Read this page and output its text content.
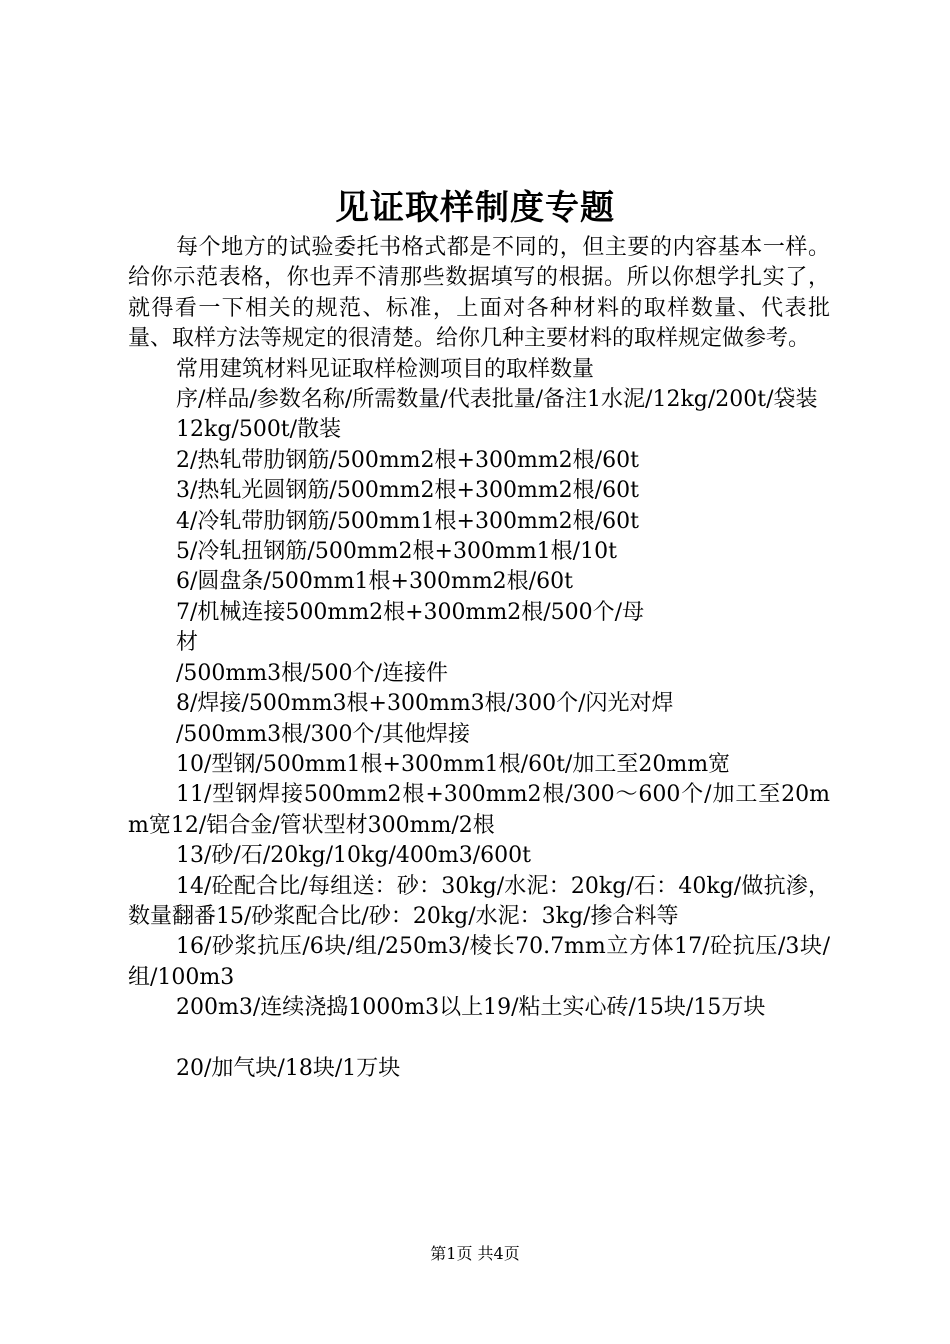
见证取样制度专题

每个地方的试验委托书格式都是不同的，但主要的内容基本一样。给你示范表格，你也弄不清那些数据填写的根据。所以你想学扎实了，就得看一下相关的规范、标准，上面对各种材料的取样数量、代表批量、取样方法等规定的很清楚。给你几种主要材料的取样规定做参考。

常用建筑材料见证取样检测项目的取样数量

序/样品/参数名称/所需数量/代表批量/备注1水泥/12kg/200t/袋装

12kg/500t/散装

2/热轧带肋钢筋/500mm2根+300mm2根/60t

3/热轧光圆钢筋/500mm2根+300mm2根/60t

4/冷轧带肋钢筋/500mm1根+300mm2根/60t

5/冷轧扭钢筋/500mm2根+300mm1根/10t

6/圆盘条/500mm1根+300mm2根/60t

7/机械连接500mm2根+300mm2根/500个/母

材

/500mm3根/500个/连接件

8/焊接/500mm3根+300mm3根/300个/闪光对焊

/500mm3根/300个/其他焊接

10/型钢/500mm1根+300mm1根/60t/加工至20mm宽

11/型钢焊接500mm2根+300mm2根/300～600个/加工至20mm宽12/铝合金/管状型材300mm/2根

13/砂/石/20kg/10kg/400m3/600t

14/砼配合比/每组送：砂：30kg/水泥：20kg/石：40kg/做抗渗，数量翻番15/砂浆配合比/砂：20kg/水泥：3kg/掺合料等

16/砂浆抗压/6块/组/250m3/棱长70.7mm立方体17/砼抗压/3块/组/100m3

200m3/连续浇捣1000m3以上19/粘土实心砖/15块/15万块

20/加气块/18块/1万块

第1页 共4页
